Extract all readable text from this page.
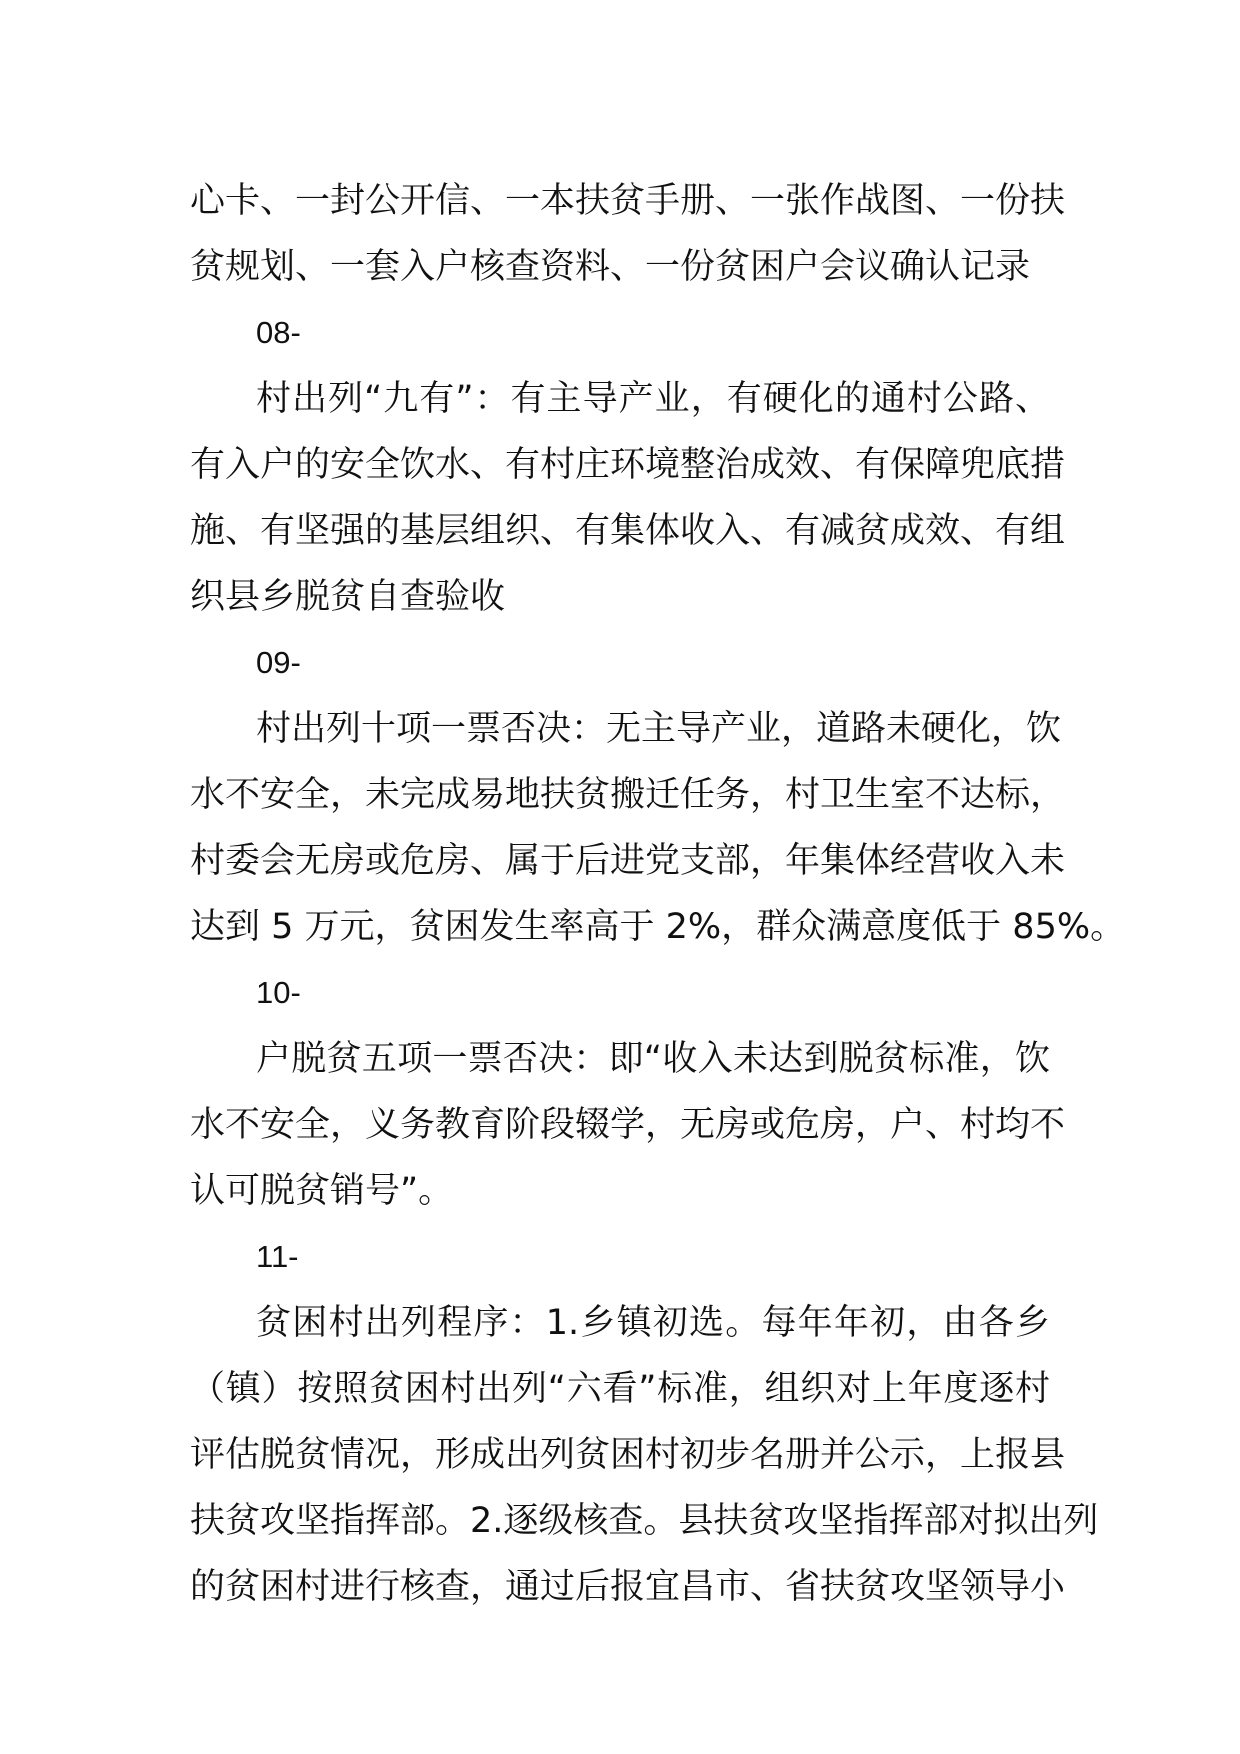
心卡、一封公开信、一本扶贫手册、一张作战图、一份扶
贫规划、一套入户核查资料、一份贫困户会议确认记录
08-
村出列“九有”：有主导产业，有硬化的通村公路、
有入户的安全饮水、有村庄环境整治成效、有保障兜底措
施、有坚强的基层组织、有集体收入、有减贫成效、有组
织县乡脱贫自查验收
09-
村出列十项一票否决：无主导产业，道路未硬化，饮
水不安全，未完成易地扶贫搬迁任务，村卫生室不达标，
村委会无房或危房、属于后进党支部，年集体经营收入未
达到 5 万元，贫困发生率高于 2%，群众满意度低于 85%。
10-
户脱贫五项一票否决：即“收入未达到脱贫标准，饮
水不安全，义务教育阶段辍学，无房或危房，户、村均不
认可脱贫销号”。
11-
贫困村出列程序：1.乡镇初选。每年年初，由各乡
（镇）按照贫困村出列“六看”标准，组织对上年度逐村
评估脱贫情况，形成出列贫困村初步名册并公示，上报县
扶贫攻坚指挥部。2.逐级核查。县扶贫攻坚指挥部对拟出列
的贫困村进行核查，通过后报宜昌市、省扶贫攻坚领导小
